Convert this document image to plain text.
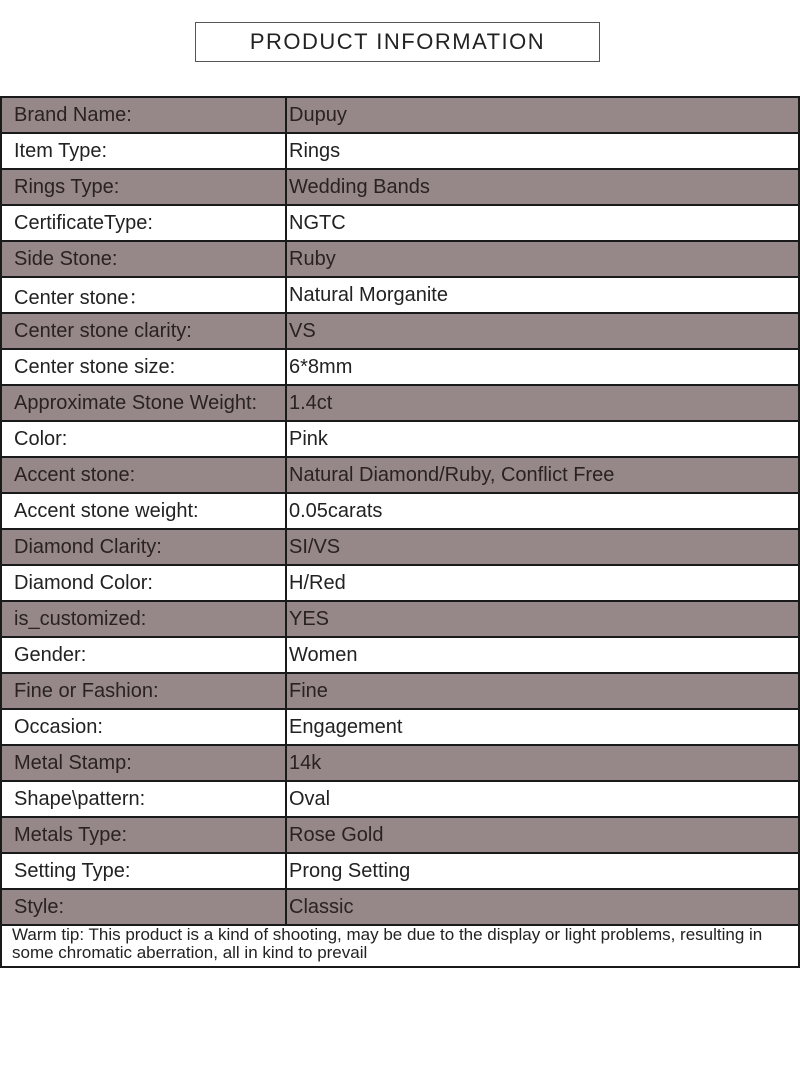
PRODUCT INFORMATION
Brand Name:	Dupuy
Item Type:	Rings
Rings Type:	Wedding Bands
CertificateType:	NGTC
Side Stone:	Ruby
Center stone：	Natural Morganite
Center stone clarity:	VS
Center stone size:	6*8mm
Approximate Stone Weight:	1.4ct
Color:	Pink
Accent stone:	Natural Diamond/Ruby, Conflict Free
Accent stone weight:	0.05carats
Diamond Clarity:	SI/VS
Diamond Color:	H/Red
is_customized:	YES
Gender:	Women
Fine or Fashion:	Fine
Occasion:	Engagement
Metal Stamp:	14k
Shape\pattern:	Oval
Metals Type:	Rose Gold
Setting Type:	Prong Setting
Style:	Classic
Warm tip: This product is a kind of shooting, may be due to the display or light problems, resulting in some chromatic aberration, all in kind to prevail	
